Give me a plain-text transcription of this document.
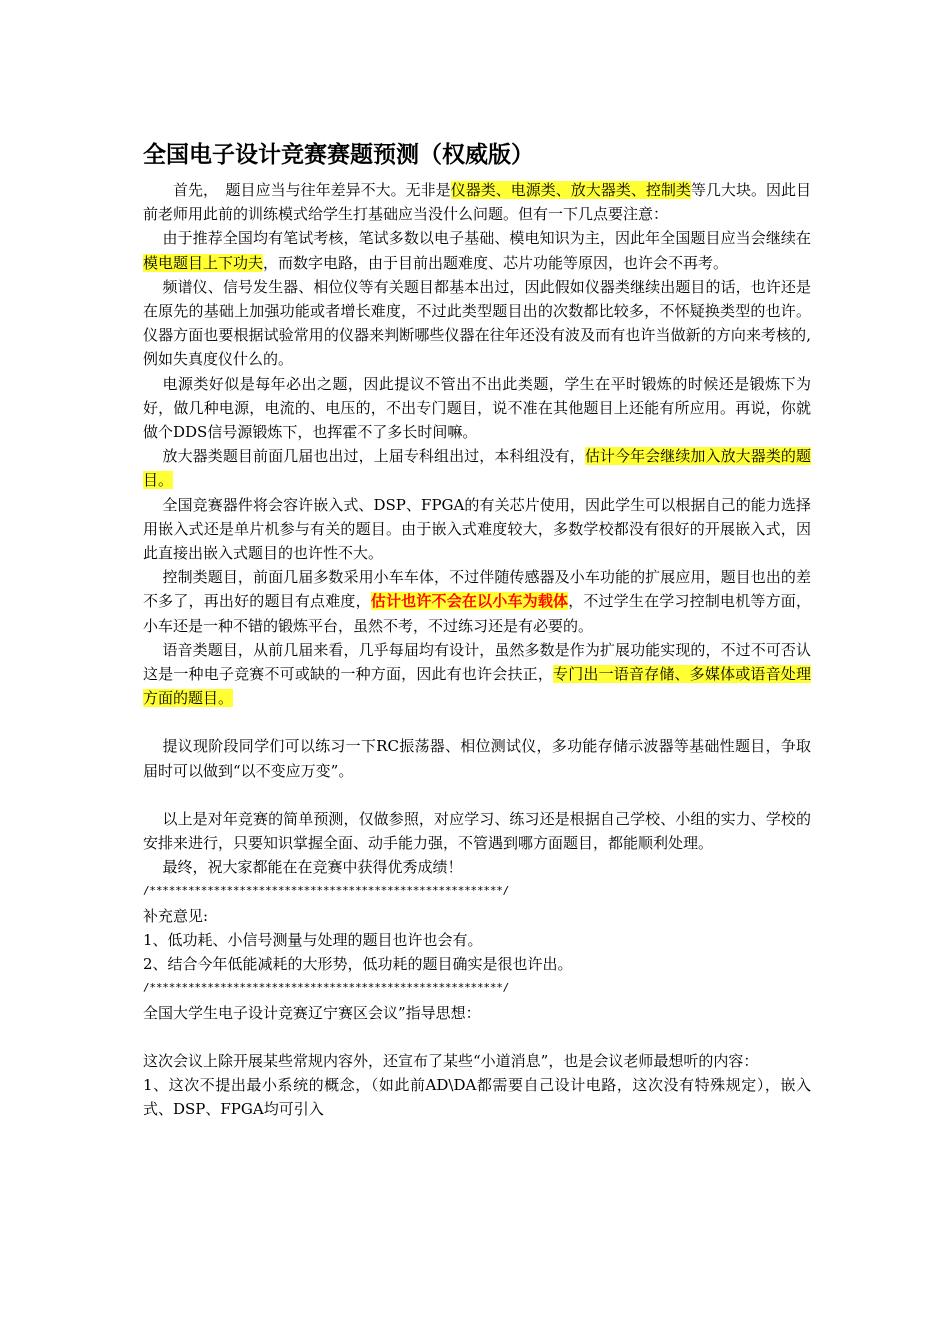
全国电子设计竞赛赛题预测（权威版）

首先，　题目应当与往年差异不大。无非是仪器类、电源类、放大器类、控制类等几大块。因此目前老师用此前的训练模式给学生打基础应当没什么问题。但有一下几点要注意：

由于推荐全国均有笔试考核，笔试多数以电子基础、模电知识为主，因此年全国题目应当会继续在模电题目上下功夫，而数字电路，由于目前出题难度、芯片功能等原因，也许会不再考。

频谱仪、信号发生器、相位仪等有关题目都基本出过，因此假如仪器类继续出题目的话，也许还是在原先的基础上加强功能或者增长难度，不过此类型题目出的次数都比较多，不怀疑换类型的也许。仪器方面也要根据试验常用的仪器来判断哪些仪器在往年还没有波及而有也许当做新的方向来考核的,例如失真度仪什么的。

电源类好似是每年必出之题，因此提议不管出不出此类题，学生在平时锻炼的时候还是锻炼下为好，做几种电源，电流的、电压的，不出专门题目，说不准在其他题目上还能有所应用。再说，你就做个DDS信号源锻炼下，也挥霍不了多长时间嘛。

放大器类题目前面几届也出过，上届专科组出过，本科组没有，估计今年会继续加入放大器类的题目。

全国竞赛器件将会容许嵌入式、DSP、FPGA的有关芯片使用，因此学生可以根据自己的能力选择用嵌入式还是单片机参与有关的题目。由于嵌入式难度较大，多数学校都没有很好的开展嵌入式，因此直接出嵌入式题目的也许性不大。

控制类题目，前面几届多数采用小车车体，不过伴随传感器及小车功能的扩展应用，题目也出的差不多了，再出好的题目有点难度，估计也许不会在以小车为载体，不过学生在学习控制电机等方面，小车还是一种不错的锻炼平台，虽然不考，不过练习还是有必要的。

语音类题目，从前几届来看，几乎每届均有设计，虽然多数是作为扩展功能实现的，不过不可否认这是一种电子竞赛不可或缺的一种方面，因此有也许会扶正，专门出一语音存储、多媒体或语音处理方面的题目。

提议现阶段同学们可以练习一下RC振荡器、相位测试仪，多功能存储示波器等基础性题目，争取届时可以做到“以不变应万变”。

以上是对年竞赛的简单预测，仅做参照，对应学习、练习还是根据自己学校、小组的实力、学校的安排来进行，只要知识掌握全面、动手能力强，不管遇到哪方面题目，都能顺利处理。

最终，祝大家都能在在竞赛中获得优秀成绩！

/*******************************************************/

补充意见:

1、低功耗、小信号测量与处理的题目也许也会有。

2、结合今年低能减耗的大形势，低功耗的题目确实是很也许出。

/*******************************************************/

全国大学生电子设计竞赛辽宁赛区会议”指导思想：

这次会议上除开展某些常规内容外，还宣布了某些“小道消息”，也是会议老师最想听的内容：

1、这次不提出最小系统的概念，（如此前AD\DA都需要自己设计电路，这次没有特殊规定），嵌入式、DSP、FPGA均可引入
